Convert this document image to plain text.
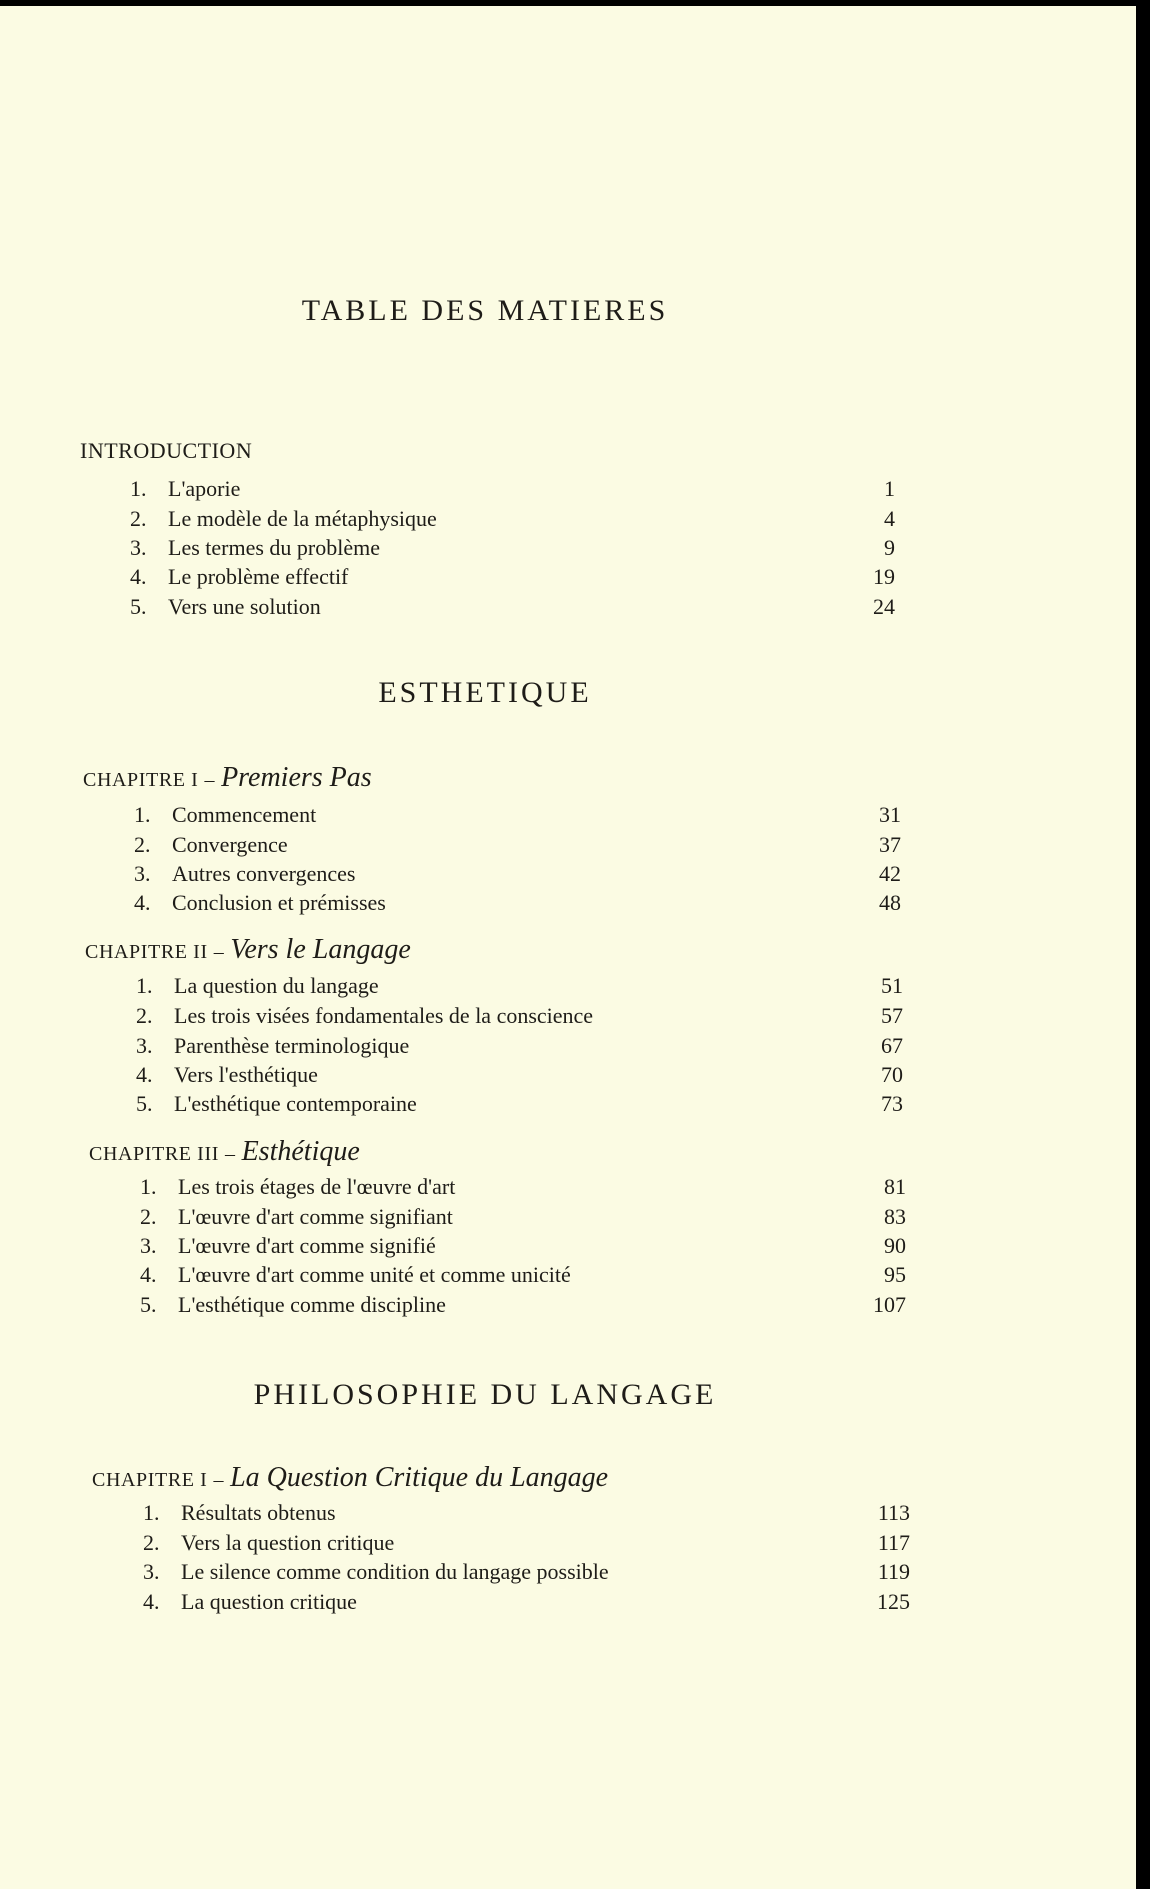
TABLE DES MATIERES
INTRODUCTION
1. L'aporie	1
2. Le modèle de la métaphysique	4
3. Les termes du problème	9
4. Le problème effectif	19
5. Vers une solution	24
ESTHETIQUE
CHAPITRE I – Premiers Pas
1. Commencement	31
2. Convergence	37
3. Autres convergences	42
4. Conclusion et prémisses	48
CHAPITRE II – Vers le Langage
1. La question du langage	51
2. Les trois visées fondamentales de la conscience	57
3. Parenthèse terminologique	67
4. Vers l'esthétique	70
5. L'esthétique contemporaine	73
CHAPITRE III – Esthétique
1. Les trois étages de l'œuvre d'art	81
2. L'œuvre d'art comme signifiant	83
3. L'œuvre d'art comme signifié	90
4. L'œuvre d'art comme unité et comme unicité	95
5. L'esthétique comme discipline	107
PHILOSOPHIE DU LANGAGE
CHAPITRE I – La Question Critique du Langage
1. Résultats obtenus	113
2. Vers la question critique	117
3. Le silence comme condition du langage possible	119
4. La question critique	125
